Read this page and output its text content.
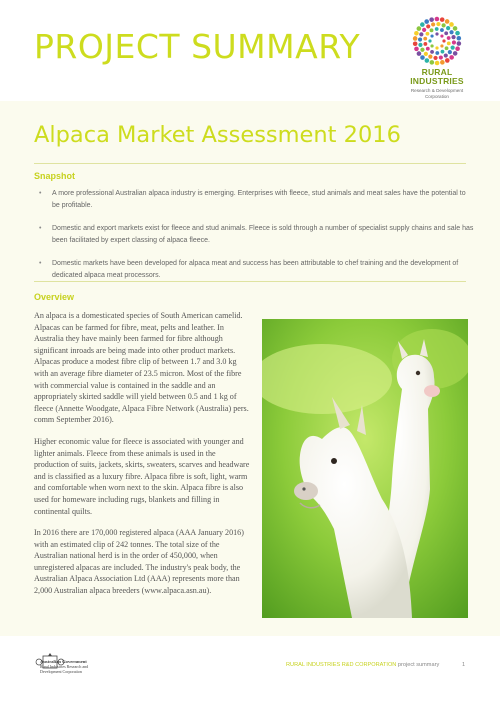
PROJECT SUMMARY
RURAL
INDUSTRIES
Research & Development
Corporation
Alpaca Market Assessment 2016
Snapshot
• A more professional Australian alpaca industry is emerging. Enterprises with fleece, stud animals and meat sales have the potential to be profitable.
• Domestic and export markets exist for fleece and stud animals. Fleece is sold through a number of specialist supply chains and sale has been facilitated by expert classing of alpaca fleece.
• Domestic markets have been developed for alpaca meat and success has been attributable to chef training and the development of dedicated alpaca meat processors.
Overview

An alpaca is a domesticated species of South American camelid. Alpacas can be farmed for fibre, meat, pelts and leather. In Australia they have mainly been farmed for fibre although significant inroads are being made into other product markets. Alpacas produce a modest fibre clip of between 1.7 and 3.0 kg with an average fibre diameter of 23.5 micron. Most of the fibre with commercial value is contained in the saddle and an appropriately skirted saddle will yield between 0.5 and 1 kg of fleece (Annette Woodgate, Alpaca Fibre Network (Australia) pers. comm September 2016).

Higher economic value for fleece is associated with younger and lighter animals. Fleece from these animals is used in the production of suits, jackets, skirts, sweaters, scarves and headware and is classified as a luxury fibre. Alpaca fibre is soft, light, warm and comfortable when worn next to the skin. Alpaca fibre is also used for homeware including rugs, blankets and filling in continental quilts.

In 2016 there are 170,000 registered alpaca (AAA January 2016) with an estimated clip of 242 tonnes. The total size of the Australian national herd is in the order of 450,000, when unregistered alpacas are included. The industry's peak body, the Australian Alpaca Association Ltd (AAA) represents more than 2,000 Australian alpaca breeders (www.alpaca.asn.au).

Australian Government
Rural Industries Research and
Development Corporation
RURAL INDUSTRIES R&D CORPORATION project summary	1
